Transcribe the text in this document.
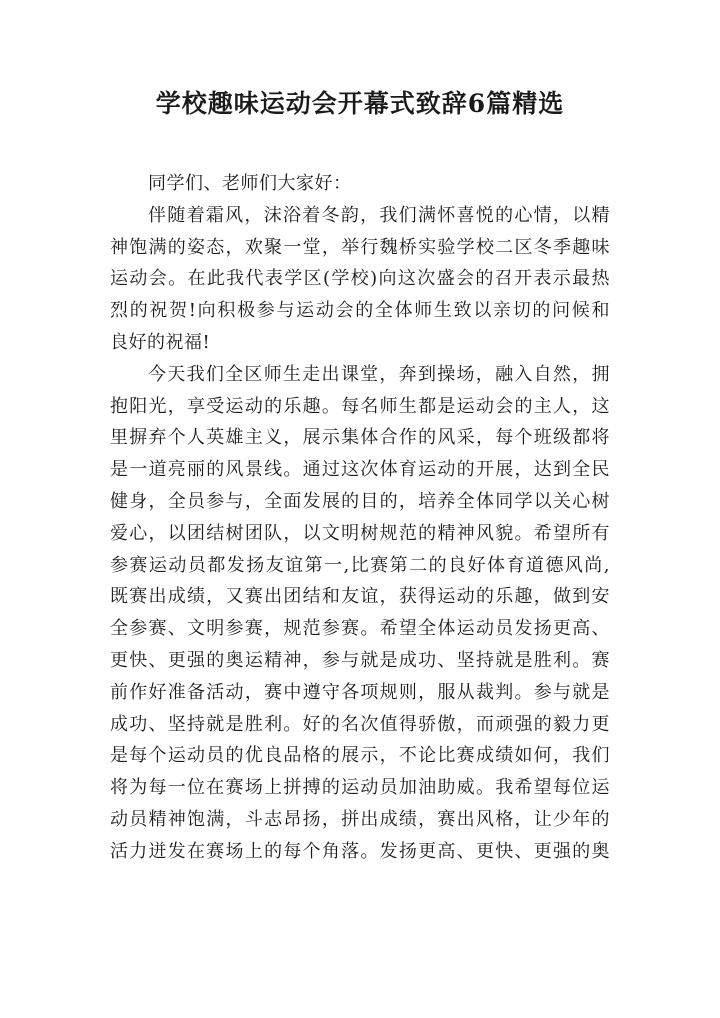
学校趣味运动会开幕式致辞6篇精选
同学们、老师们大家好：
伴随着霜风，沫浴着冬韵，我们满怀喜悦的心情，以精
神饱满的姿态，欢聚一堂，举行魏桥实验学校二区冬季趣味
运动会。在此我代表学区(学校)向这次盛会的召开表示最热
烈的祝贺!向积极参与运动会的全体师生致以亲切的问候和
良好的祝福!
今天我们全区师生走出课堂，奔到操场，融入自然，拥
抱阳光，享受运动的乐趣。每名师生都是运动会的主人，这
里摒弃个人英雄主义，展示集体合作的风采，每个班级都将
是一道亮丽的风景线。通过这次体育运动的开展，达到全民
健身，全员参与，全面发展的目的，培养全体同学以关心树
爱心，以团结树团队，以文明树规范的精神风貌。希望所有
参赛运动员都发扬友谊第一,比赛第二的良好体育道德风尚,
既赛出成绩，又赛出团结和友谊，获得运动的乐趣，做到安
全参赛、文明参赛，规范参赛。希望全体运动员发扬更高、
更快、更强的奥运精神，参与就是成功、坚持就是胜利。赛
前作好准备活动，赛中遵守各项规则，服从裁判。参与就是
成功、坚持就是胜利。好的名次值得骄傲，而顽强的毅力更
是每个运动员的优良品格的展示，不论比赛成绩如何，我们
将为每一位在赛场上拼搏的运动员加油助威。我希望每位运
动员精神饱满，斗志昂扬，拼出成绩，赛出风格，让少年的
活力迸发在赛场上的每个角落。发扬更高、更快、更强的奥
